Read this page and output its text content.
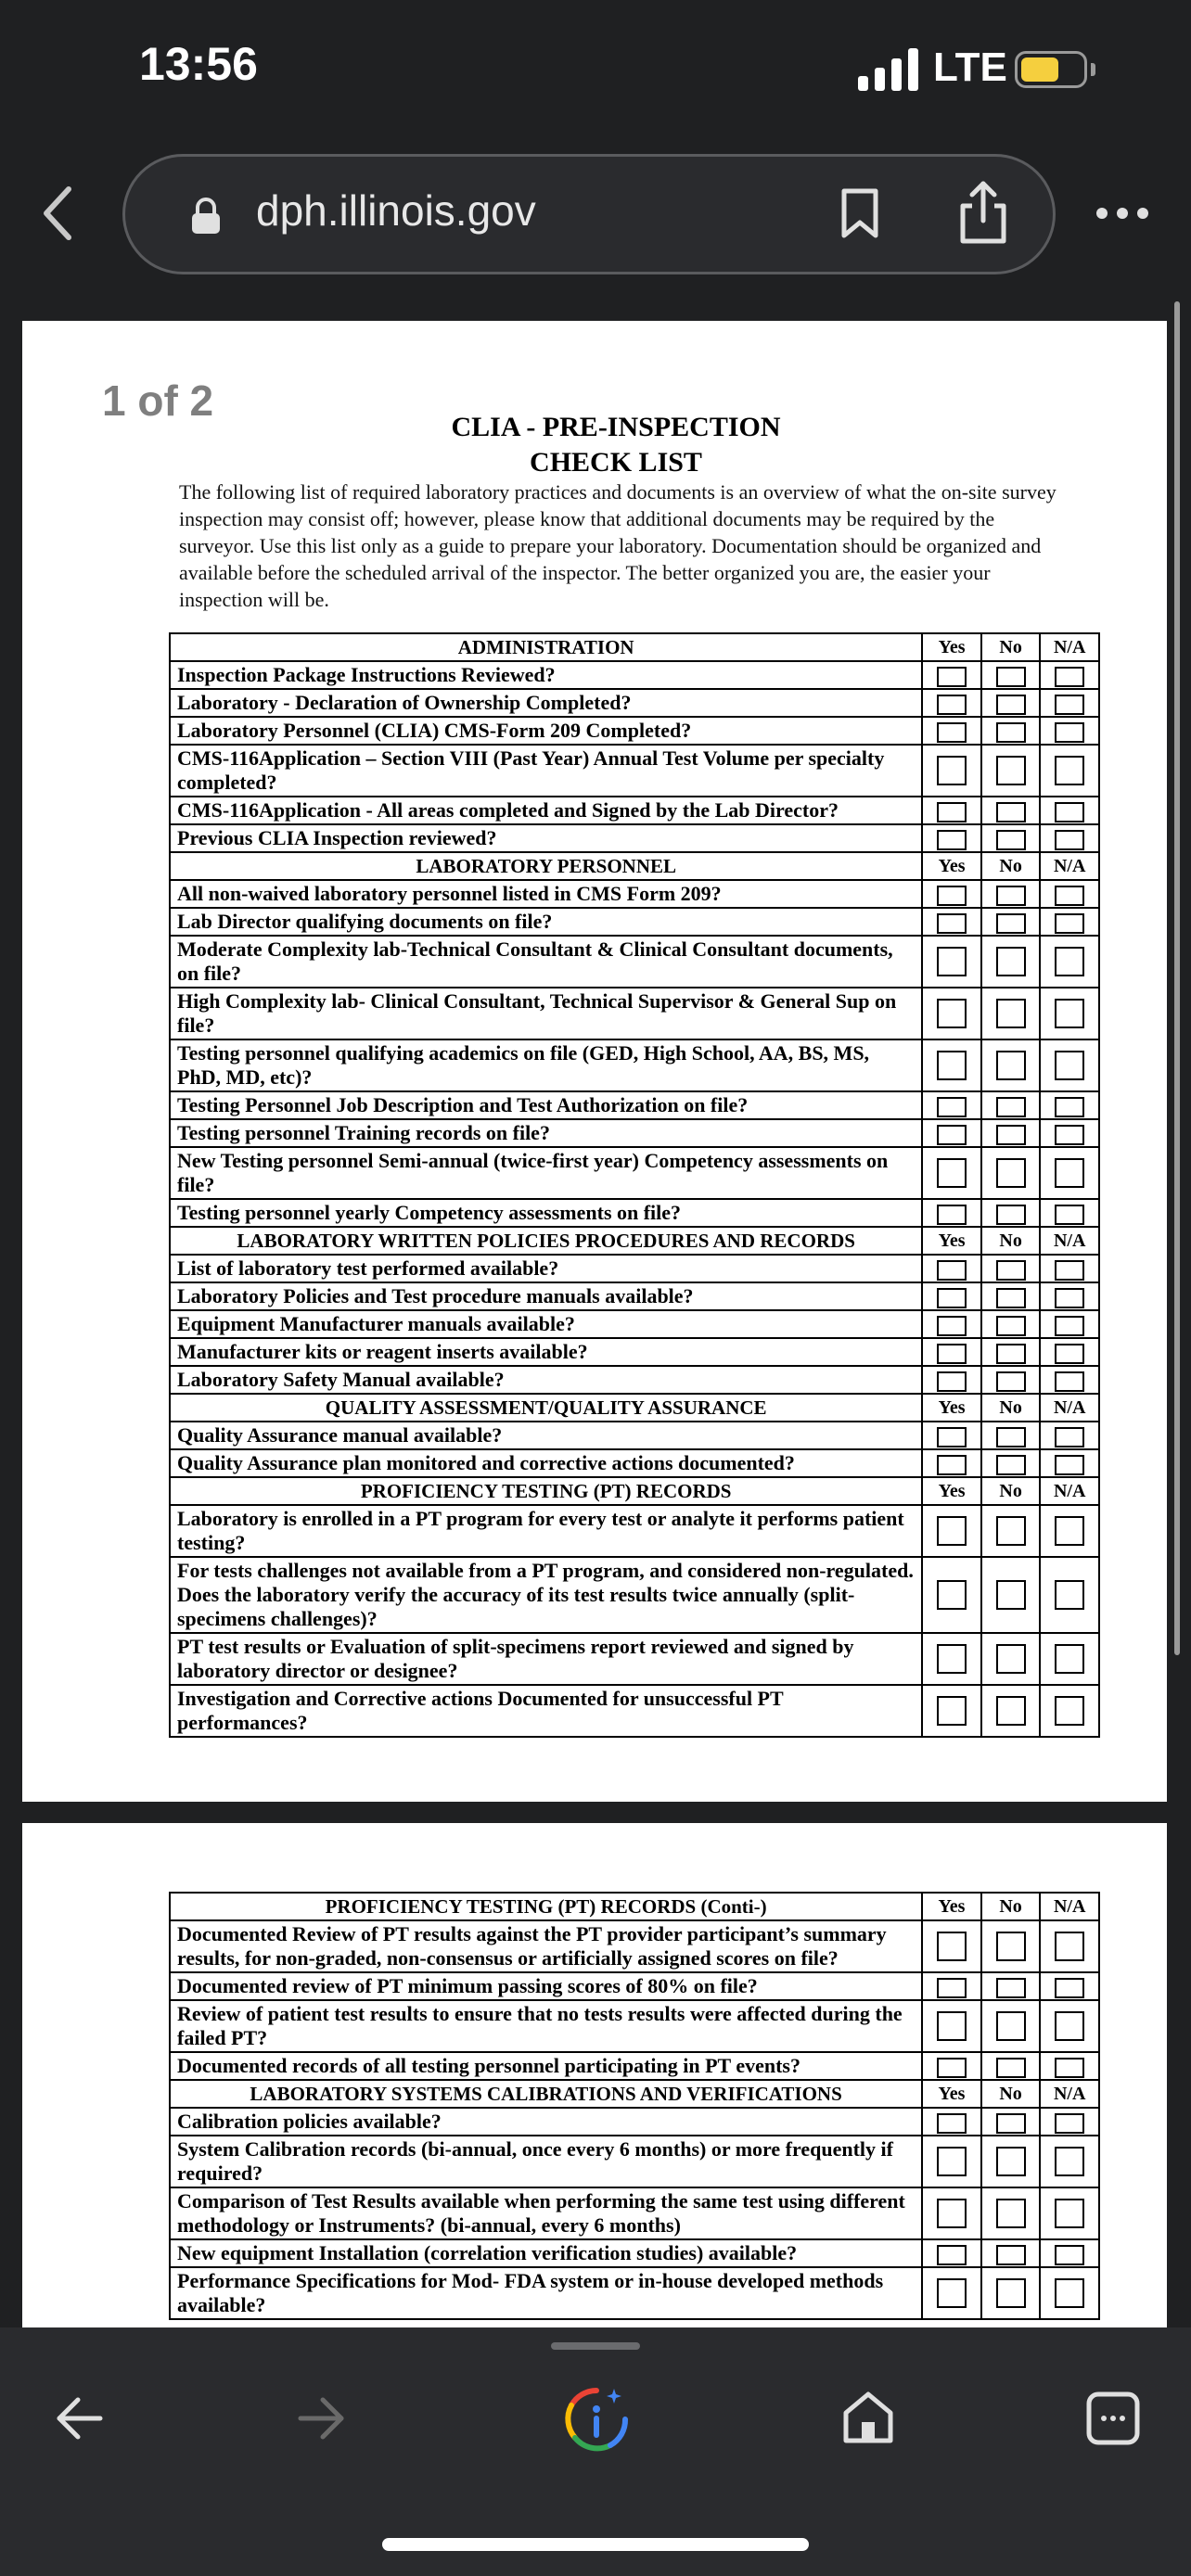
13:56	LTE
dph.illinois.gov
CLIA - PRE-INSPECTION
CHECK LIST
The following list of required laboratory practices and documents is an overview of what the on-site survey inspection may consist off; however, please know that additional documents may be required by the surveyor. Use this list only as a guide to prepare your laboratory. Documentation should be organized and available before the scheduled arrival of the inspector. The better organized you are, the easier your inspection will be.
ADMINISTRATION	Yes	No	N/A
Inspection Package Instructions Reviewed?			
Laboratory - Declaration of Ownership Completed?			
Laboratory Personnel (CLIA) CMS-Form 209 Completed?			
CMS-116Application – Section VIII (Past Year) Annual Test Volume per specialty completed?			
CMS-116Application - All areas completed and Signed by the Lab Director?			
Previous CLIA Inspection reviewed?			
LABORATORY PERSONNEL	Yes	No	N/A
All non-waived laboratory personnel listed in CMS Form 209?			
Lab Director qualifying documents on file?			
Moderate Complexity lab-Technical Consultant & Clinical Consultant documents, on file?			
High Complexity lab- Clinical Consultant, Technical Supervisor & General Sup on file?			
Testing personnel qualifying academics on file (GED, High School, AA, BS, MS, PhD, MD, etc)?			
Testing Personnel Job Description and Test Authorization on file?			
Testing personnel Training records on file?			
New Testing personnel Semi-annual (twice-first year) Competency assessments on file?			
Testing personnel yearly Competency assessments on file?			
LABORATORY WRITTEN POLICIES PROCEDURES AND RECORDS	Yes	No	N/A
List of laboratory test performed available?			
Laboratory Policies and Test procedure manuals available?			
Equipment Manufacturer manuals available?			
Manufacturer kits or reagent inserts available?			
Laboratory Safety Manual available?			
QUALITY ASSESSMENT/QUALITY ASSURANCE	Yes	No	N/A
Quality Assurance manual available?			
Quality Assurance plan monitored and corrective actions documented?			
PROFICIENCY TESTING (PT) RECORDS	Yes	No	N/A
Laboratory is enrolled in a PT program for every test or analyte it performs patient testing?			
For tests challenges not available from a PT program, and considered non-regulated. Does the laboratory verify the accuracy of its test results twice annually (split-specimens challenges)?			
PT test results or Evaluation of split-specimens report reviewed and signed by laboratory director or designee?			
Investigation and Corrective actions Documented for unsuccessful PT performances?			
PROFICIENCY TESTING (PT) RECORDS (Conti-)	Yes	No	N/A
Documented Review of PT results against the PT provider participant’s summary results, for non-graded, non-consensus or artificially assigned scores on file?			
Documented review of PT minimum passing scores of 80% on file?			
Review of patient test results to ensure that no tests results were affected during the failed PT?			
Documented records of all testing personnel participating in PT events?			
LABORATORY SYSTEMS CALIBRATIONS AND VERIFICATIONS	Yes	No	N/A
Calibration policies available?			
System Calibration records (bi-annual, once every 6 months) or more frequently if required?			
Comparison of Test Results available when performing the same test using different methodology or Instruments? (bi-annual, every 6 months)			
New equipment Installation (correlation verification studies) available?			
Performance Specifications for Mod- FDA system or in-house developed methods available?			
1 of 2
